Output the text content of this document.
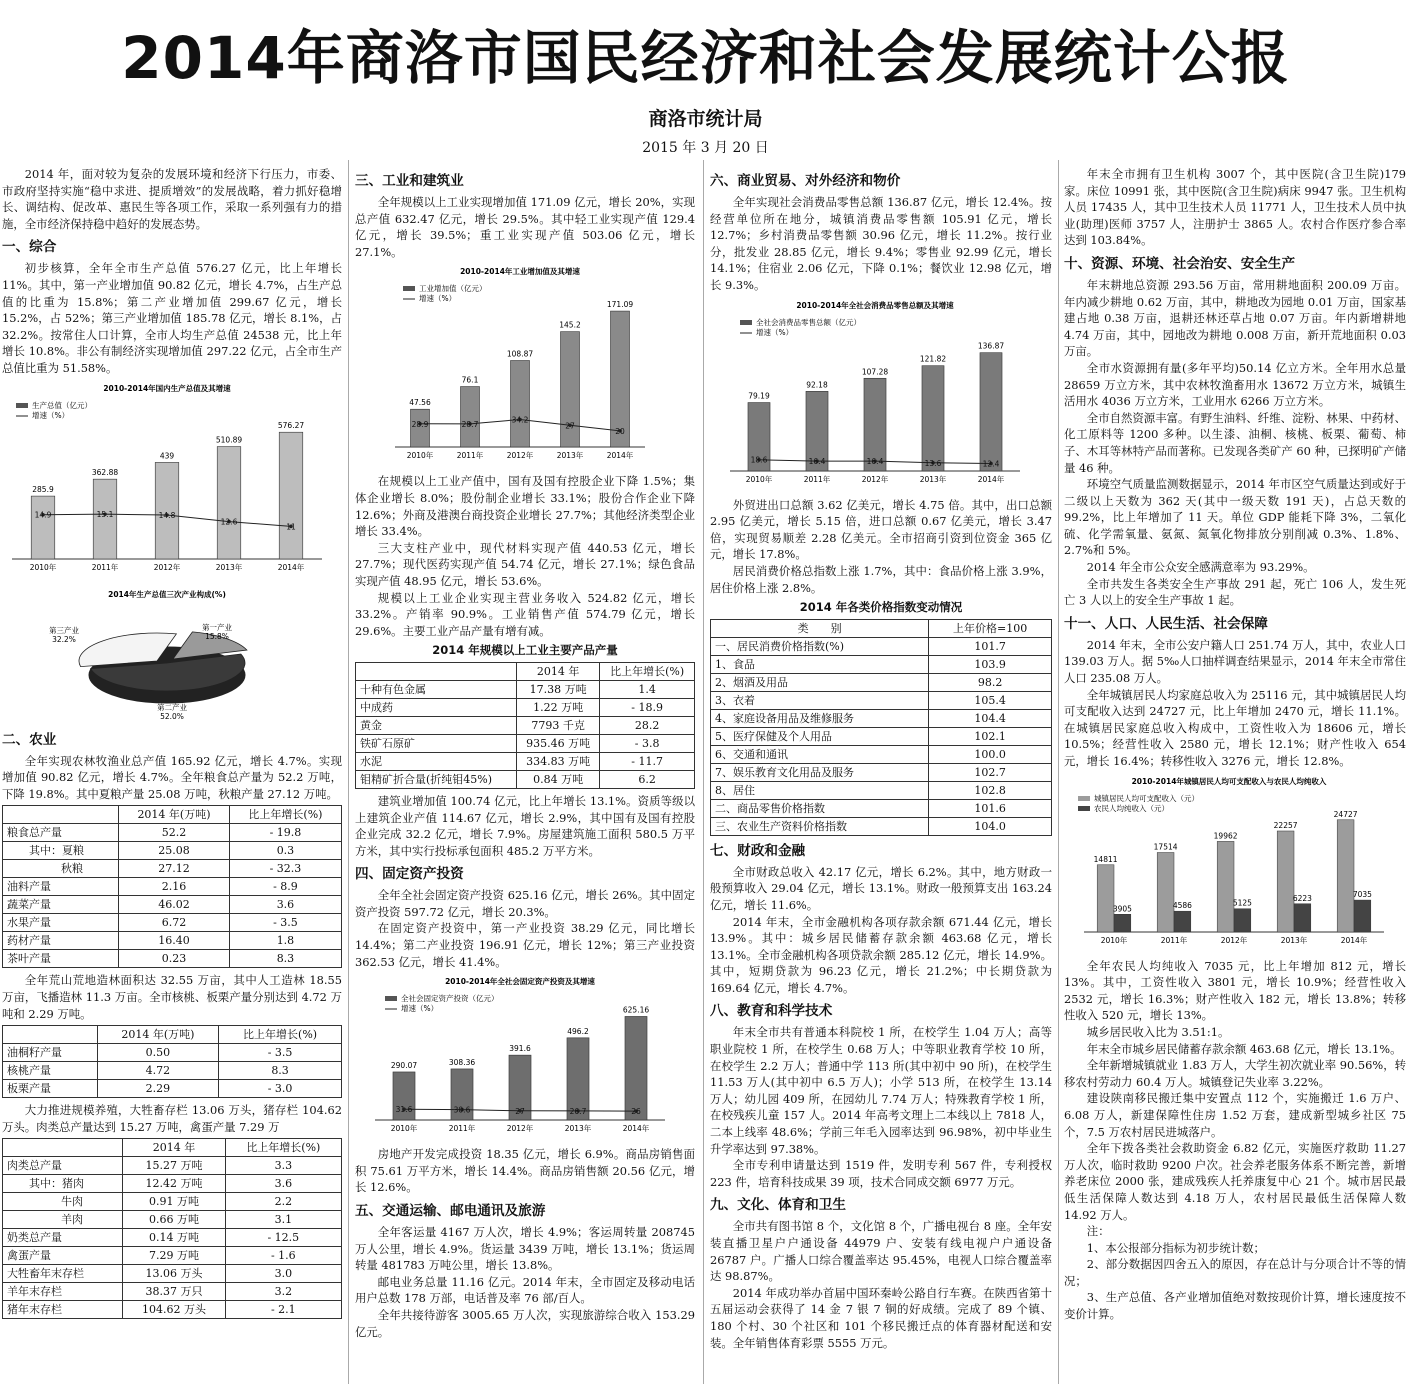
2014年商洛市国民经济和社会发展统计公报
商洛市统计局
2015 年 3 月 20 日

2014 年，面对较为复杂的发展环境和经济下行压力，市委、市政府坚持实施“稳中求进、提质增效”的发展战略，着力抓好稳增长、调结构、促改革、惠民生等各项工作，采取一系列强有力的措施，全市经济保持稳中趋好的发展态势。

一、综合

初步核算，全年全市生产总值 576.27 亿元，比上年增长 11%。其中，第一产业增加值 90.82 亿元，增长 4.7%，占生产总值的比重为 15.8%；第二产业增加值 299.67 亿元，增长 15.2%，占 52%；第三产业增加值 185.78 亿元，增长 8.1%，占 32.2%。按常住人口计算，全市人均生产总值 24538 元，比上年增长 10.8%。非公有制经济实现增加值 297.22 亿元，占全市生产总值比重为 51.58%。

2010-2014年国内生产总值及其增速
生产总值（亿元）
增速（%）
285.9
2010年
362.88
2011年
439
2012年
510.89
2013年
576.27
2014年
14.9	15.1	14.8
12.6
11
2014年生产总值三次产业构成(%)
第一产业
15.8%
第二产业
52.0%
第三产业
32.2%
二、农业

全年实现农林牧渔业总产值 165.92 亿元，增长 4.7%。实现增加值 90.82 亿元，增长 4.7%。全年粮食总产量为 52.2 万吨，下降 19.8%。其中夏粮产量 25.08 万吨，秋粮产量 27.12 万吨。

	2014 年(万吨)	比上年增长(%)
粮食总产量	52.2	- 19.8
其中：夏粮	25.08	0.3
秋粮	27.12	- 32.3
油料产量	2.16	- 8.9
蔬菜产量	46.02	3.6
水果产量	6.72	- 3.5
药材产量	16.40	1.8
茶叶产量	0.23	8.3

全年荒山荒地造林面积达 32.55 万亩，其中人工造林 18.55 万亩，飞播造林 11.3 万亩。全市核桃、板栗产量分别达到 4.72 万吨和 2.29 万吨。

	2014 年(万吨)	比上年增长(%)
油桐籽产量	0.50	- 3.5
核桃产量	4.72	8.3
板栗产量	2.29	- 3.0

大力推进规模养殖，大牲畜存栏 13.06 万头，猪存栏 104.62 万头。肉类总产量达到 15.27 万吨，禽蛋产量 7.29 万

	2014 年	比上年增长(%)
肉类总产量	15.27 万吨	3.3
其中：猪肉	12.42 万吨	3.6
牛肉	0.91 万吨	2.2
羊肉	0.66 万吨	3.1
奶类总产量	0.14 万吨	- 12.5
禽蛋产量	7.29 万吨	- 1.6
大牲畜年末存栏	13.06 万头	3.0
羊年末存栏	38.37 万只	3.2
猪年末存栏	104.62 万头	- 2.1
三、工业和建筑业

全年规模以上工业实现增加值 171.09 亿元，增长 20%，实现总产值 632.47 亿元，增长 29.5%。其中轻工业实现产值 129.4 亿元，增长 39.5%；重工业实现产值 503.06 亿元，增长 27.1%。

2010-2014年工业增加值及其增速
工业增加值（亿元）
增速（%）
47.56
2010年
76.1
2011年
108.87
2012年
145.2
2013年
171.09
2014年
28.9	28.7	34.2
27
20

在规模以上工业产值中，国有及国有控股企业下降 1.5%；集体企业增长 8.0%；股份制企业增长 33.1%；股份合作企业下降 12.6%；外商及港澳台商投资企业增长 27.7%；其他经济类型企业增长 33.4%。

三大支柱产业中，现代材料实现产值 440.53 亿元，增长 27.7%；现代医药实现产值 54.74 亿元，增长 27.1%；绿色食品实现产值 48.95 亿元，增长 53.6%。

规模以上工业企业实现主营业务收入 524.82 亿元，增长 33.2%。产销率 90.9%。工业销售产值 574.79 亿元，增长 29.6%。主要工业产品产量有增有减。

2014 年规模以上工业主要产品产量
	2014 年	比上年增长(%)
十种有色金属	17.38 万吨	1.4
中成药	1.22 万吨	- 18.9
黄金	7793 千克	28.2
铁矿石原矿	935.46 万吨	- 3.8
水泥	334.83 万吨	- 11.7
钼精矿折合量(折纯钼45%)	0.84 万吨	6.2

建筑业增加值 100.74 亿元，比上年增长 13.1%。资质等级以上建筑企业产值 114.67 亿元，增长 2.9%，其中国有及国有控股企业完成 32.2 亿元，增长 7.9%。房屋建筑施工面积 580.5 万平方米，其中实行投标承包面积 485.2 万平方米。

四、固定资产投资

全年全社会固定资产投资 625.16 亿元，增长 26%。其中固定资产投资 597.72 亿元，增长 20.3%。

在固定资产投资中，第一产业投资 38.29 亿元，同比增长 14.4%；第二产业投资 196.91 亿元，增长 12%；第三产业投资 362.53 亿元，增长 41.4%。

2010-2014年全社会固定资产投资及其增速
全社会固定资产投资（亿元）
增速（%）
290.07
2010年
308.36
2011年
391.6
2012年
496.2
2013年
625.16
2014年
31.6	30.6	27	26.7	26

房地产开发完成投资 18.35 亿元，增长 6.9%。商品房销售面积 75.61 万平方米，增长 14.4%。商品房销售额 20.56 亿元，增长 12.6%。

五、交通运输、邮电通讯及旅游

全年客运量 4167 万人次，增长 4.9%；客运周转量 208745 万人公里，增长 4.9%。货运量 3439 万吨，增长 13.1%；货运周转量 481783 万吨公里，增长 13.8%。

邮电业务总量 11.16 亿元。2014 年末，全市固定及移动电话用户总数 178 万部，电话普及率 76 部/百人。

全年共接待游客 3005.65 万人次，实现旅游综合收入 153.29 亿元。

六、商业贸易、对外经济和物价

全年实现社会消费品零售总额 136.87 亿元，增长 12.4%。按经营单位所在地分，城镇消费品零售额 105.91 亿元，增长 12.7%；乡村消费品零售额 30.96 亿元，增长 11.2%。按行业分，批发业 28.85 亿元，增长 9.4%；零售业 92.99 亿元，增长 14.1%；住宿业 2.06 亿元，下降 0.1%；餐饮业 12.98 亿元，增长 9.3%。

2010-2014年全社会消费品零售总额及其增速
全社会消费品零售总额（亿元）
增速（%）
79.19
2010年
92.18
2011年
107.28
2012年
121.82
2013年
136.87
2014年
18.6	16.4	16.4	13.6	12.4

外贸进出口总额 3.62 亿美元，增长 4.75 倍。其中，出口总额 2.95 亿美元，增长 5.15 倍，进口总额 0.67 亿美元，增长 3.47 倍，实现贸易顺差 2.28 亿美元。全市招商引资到位资金 365 亿元，增长 17.8%。

居民消费价格总指数上涨 1.7%，其中：食品价格上涨 3.9%，居住价格上涨 2.8%。

2014 年各类价格指数变动情况
类　　别	上年价格=100
一、居民消费价格指数(%)	101.7
1、食品	103.9
2、烟酒及用品	98.2
3、衣着	105.4
4、家庭设备用品及维修服务	104.4
5、医疗保健及个人用品	102.1
6、交通和通讯	100.0
7、娱乐教育文化用品及服务	102.7
8、居住	102.8
二、商品零售价格指数	101.6
三、农业生产资料价格指数	104.0
七、财政和金融

全市财政总收入 42.17 亿元，增长 6.2%。其中，地方财政一般预算收入 29.04 亿元，增长 13.1%。财政一般预算支出 163.24 亿元，增长 11.6%。

2014 年末，全市金融机构各项存款余额 671.44 亿元，增长 13.9%。其中：城乡居民储蓄存款余额 463.68 亿元，增长 13.1%。全市金融机构各项贷款余额 285.12 亿元，增长 14.9%。其中，短期贷款为 96.23 亿元，增长 21.2%；中长期贷款为 169.64 亿元，增长 4.7%。

八、教育和科学技术

年末全市共有普通本科院校 1 所，在校学生 1.04 万人；高等职业院校 1 所，在校学生 0.68 万人；中等职业教育学校 10 所，在校学生 2.2 万人；普通中学 113 所(其中初中 90 所)，在校学生 11.53 万人(其中初中 6.5 万人)；小学 513 所，在校学生 13.14 万人；幼儿园 409 所，在园幼儿 7.74 万人；特殊教育学校 1 所，在校残疾儿童 157 人。2014 年高考文理上二本线以上 7818 人，二本上线率 48.6%；学前三年毛入园率达到 96.98%，初中毕业生升学率达到 97.38%。

全市专利申请量达到 1519 件，发明专利 567 件，专利授权 223 件，培育科技成果 39 项，技术合同成交额 6977 万元。

九、文化、体育和卫生

全市共有图书馆 8 个，文化馆 8 个，广播电视台 8 座。全年安装直播卫星户户通设备 44979 户、安装有线电视户户通设备 26787 户。广播人口综合覆盖率达 95.45%，电视人口综合覆盖率达 98.87%。

2014 年成功举办首届中国环秦岭公路自行车赛。在陕西省第十五届运动会获得了 14 金 7 银 7 铜的好成绩。完成了 89 个镇、180 个村、30 个社区和 101 个移民搬迁点的体育器材配送和安装。全年销售体育彩票 5555 万元。

年末全市拥有卫生机构 3007 个，其中医院(含卫生院)179 家。床位 10991 张，其中医院(含卫生院)病床 9947 张。卫生机构人员 17435 人，其中卫生技术人员 11771 人，卫生技术人员中执业(助理)医师 3757 人，注册护士 3865 人。农村合作医疗参合率达到 103.84%。

十、资源、环境、社会治安、安全生产

年末耕地总资源 293.56 万亩，常用耕地面积 200.09 万亩。年内减少耕地 0.62 万亩，其中，耕地改为园地 0.01 万亩，国家基建占地 0.38 万亩，退耕还林还草占地 0.07 万亩。年内新增耕地 4.74 万亩，其中，园地改为耕地 0.008 万亩，新开荒地面积 0.03 万亩。

全市水资源拥有量(多年平均)50.14 亿立方米。全年用水总量 28659 万立方米，其中农林牧渔畜用水 13672 万立方米，城镇生活用水 4036 万立方米，工业用水 6266 万立方米。

全市自然资源丰富。有野生油料、纤维、淀粉、林果、中药材、化工原料等 1200 多种。以生漆、油桐、核桃、板栗、葡萄、柿子、木耳等林特产品而著称。已发现各类矿产 60 种，已探明矿产储量 46 种。

环境空气质量监测数据显示，2014 年市区空气质量达到或好于二级以上天数为 362 天(其中一级天数 191 天)，占总天数的 99.2%，比上年增加了 11 天。单位 GDP 能耗下降 3%，二氧化硫、化学需氧量、氨氮、氮氧化物排放分别削减 0.3%、1.8%、2.7%和 5%。

2014 年全市公众安全感满意率为 93.29%。

全市共发生各类安全生产事故 291 起，死亡 106 人，发生死亡 3 人以上的安全生产事故 1 起。

十一、人口、人民生活、社会保障

2014 年末，全市公安户籍人口 251.74 万人，其中，农业人口 139.03 万人。据 5‰人口抽样调查结果显示，2014 年末全市常住人口 235.08 万人。

全年城镇居民人均家庭总收入为 25116 元，其中城镇居民人均可支配收入达到 24727 元，比上年增加 2470 元，增长 11.1%。在城镇居民家庭总收入构成中，工资性收入为 18606 元，增长 10.5%；经营性收入 2580 元，增长 12.1%；财产性收入 654 元，增长 16.4%；转移性收入 3276 元，增长 12.8%。

2010-2014年城镇居民人均可支配收入与农民人均纯收入
城镇居民人均可支配收入（元）
农民人均纯收入（元）
14811
3905
2010年
17514
4586
2011年
19962
5125
2012年
22257
6223
2013年
24727
7035
2014年

全年农民人均纯收入 7035 元，比上年增加 812 元，增长 13%。其中，工资性收入 3801 元，增长 10.9%；经营性收入 2532 元，增长 16.3%；财产性收入 182 元，增长 13.8%；转移性收入 520 元，增长 13%。

城乡居民收入比为 3.51:1。

年末全市城乡居民储蓄存款余额 463.68 亿元，增长 13.1%。

全年新增城镇就业 1.83 万人，大学生初次就业率 90.56%，转移农村劳动力 60.4 万人。城镇登记失业率 3.22%。

建设陕南移民搬迁集中安置点 112 个，实施搬迁 1.6 万户、6.08 万人，新建保障性住房 1.52 万套，建成新型城乡社区 75 个，7.5 万农村居民进城落户。

全年下拨各类社会救助资金 6.82 亿元，实施医疗救助 11.27 万人次，临时救助 9200 户次。社会养老服务体系不断完善，新增养老床位 2000 张，建成残疾人托养康复中心 21 个。城市居民最低生活保障人数达到 4.18 万人，农村居民最低生活保障人数 14.92 万人。

注：

1、本公报部分指标为初步统计数；

2、部分数据因四舍五入的原因，存在总计与分项合计不等的情况；

3、生产总值、各产业增加值绝对数按现价计算，增长速度按不变价计算。
